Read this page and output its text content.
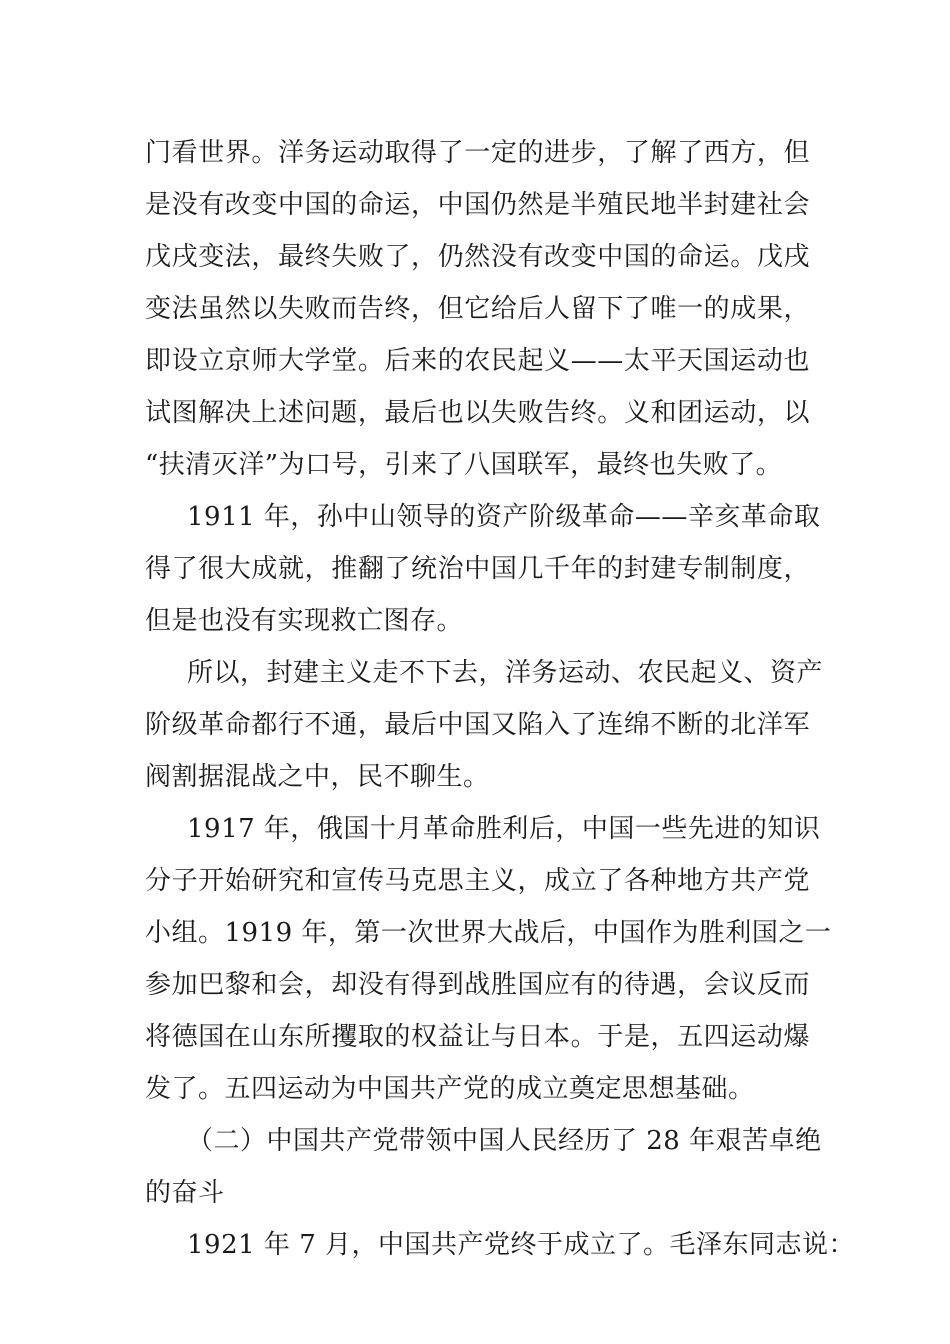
门看世界。洋务运动取得了一定的进步，了解了西方，但
是没有改变中国的命运，中国仍然是半殖民地半封建社会
戊戌变法，最终失败了，仍然没有改变中国的命运。戊戌
变法虽然以失败而告终，但它给后人留下了唯一的成果，
即设立京师大学堂。后来的农民起义——太平天国运动也
试图解决上述问题，最后也以失败告终。义和团运动，以
“扶清灭洋”为口号，引来了八国联军，最终也失败了。
1911 年，孙中山领导的资产阶级革命——辛亥革命取
得了很大成就，推翻了统治中国几千年的封建专制制度，
但是也没有实现救亡图存。
所以，封建主义走不下去，洋务运动、农民起义、资产
阶级革命都行不通，最后中国又陷入了连绵不断的北洋军
阀割据混战之中，民不聊生。
1917 年，俄国十月革命胜利后，中国一些先进的知识
分子开始研究和宣传马克思主义，成立了各种地方共产党
小组。1919 年，第一次世界大战后，中国作为胜利国之一
参加巴黎和会，却没有得到战胜国应有的待遇，会议反而
将德国在山东所攫取的权益让与日本。于是，五四运动爆
发了。五四运动为中国共产党的成立奠定思想基础。
（二）中国共产党带领中国人民经历了 28 年艰苦卓绝
的奋斗
1921 年 7 月，中国共产党终于成立了。毛泽东同志说：
